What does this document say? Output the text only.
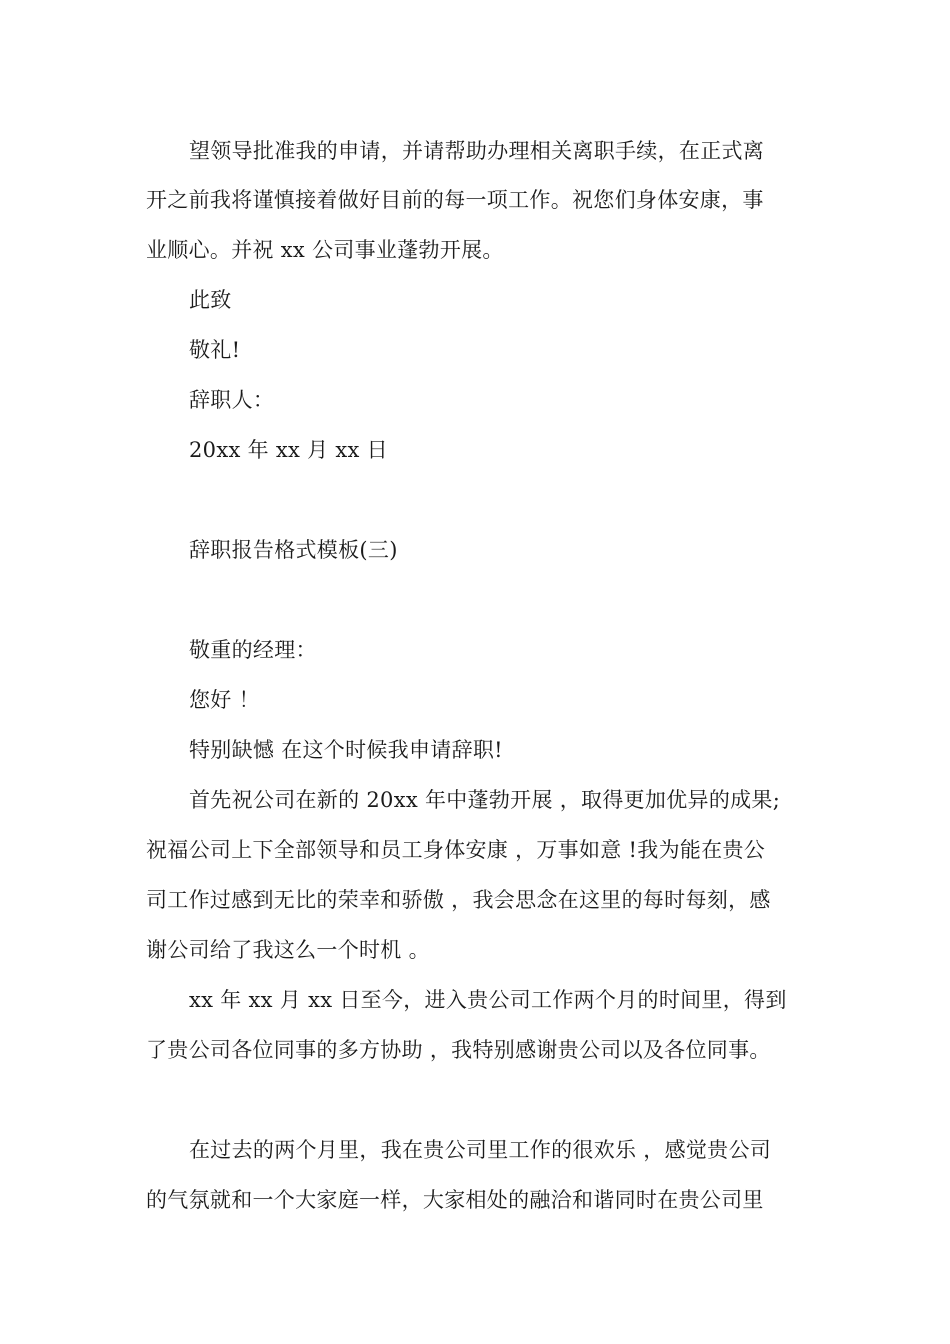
望领导批准我的申请，并请帮助办理相关离职手续，在正式离
开之前我将谨慎接着做好目前的每一项工作。祝您们身体安康，事
业顺心。并祝 xx 公司事业蓬勃开展。
此致
敬礼!
辞职人：
20xx 年 xx 月 xx 日
辞职报告格式模板(三)
敬重的经理：
您好 ！
特别缺憾 在这个时候我申请辞职!
首先祝公司在新的 20xx 年中蓬勃开展 ，取得更加优异的成果;
祝福公司上下全部领导和员工身体安康 ，万事如意 !我为能在贵公
司工作过感到无比的荣幸和骄傲 ，我会思念在这里的每时每刻，感
谢公司给了我这么一个时机 。
xx 年 xx 月 xx 日至今，进入贵公司工作两个月的时间里，得到
了贵公司各位同事的多方协助 ，我特别感谢贵公司以及各位同事。
在过去的两个月里，我在贵公司里工作的很欢乐 ，感觉贵公司
的气氛就和一个大家庭一样，大家相处的融洽和谐同时在贵公司里
